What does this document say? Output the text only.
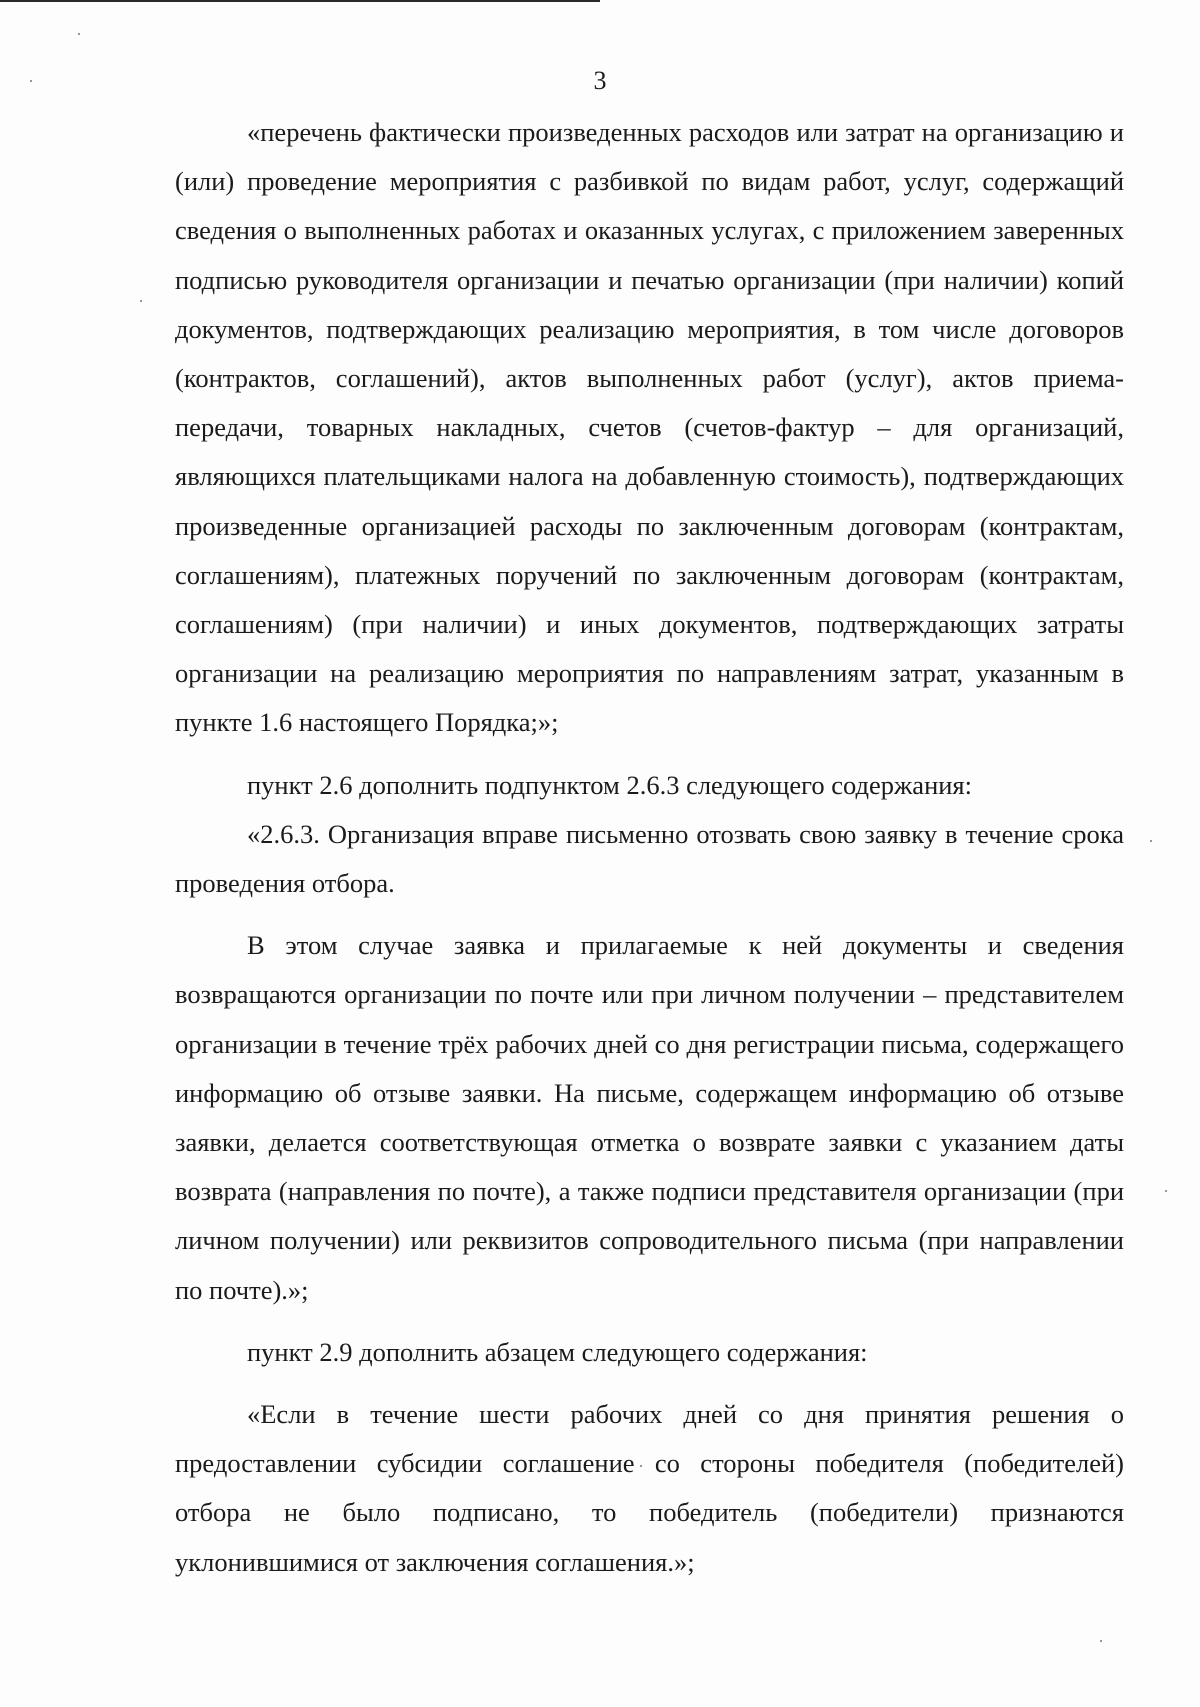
3

«перечень фактически произведенных расходов или затрат на организацию и (или) проведение мероприятия с разбивкой по видам работ, услуг, содержащий сведения о выполненных работах и оказанных услугах, с приложением заверенных подписью руководителя организации и печатью организации (при наличии) копий документов, подтверждающих реализацию мероприятия, в том числе договоров (контрактов, соглашений), актов выполненных работ (услуг), актов приема-передачи, товарных накладных, счетов (счетов-фактур – для организаций, являющихся плательщиками налога на добавленную стоимость), подтверждающих произведенные организацией расходы по заключенным договорам (контрактам, соглашениям), платежных поручений по заключенным договорам (контрактам, соглашениям) (при наличии) и иных документов, подтверждающих затраты организации на реализацию мероприятия по направлениям затрат, указанным в пункте 1.6 настоящего Порядка;»;

пункт 2.6 дополнить подпунктом 2.6.3 следующего содержания:

«2.6.3. Организация вправе письменно отозвать свою заявку в течение срока проведения отбора.

В этом случае заявка и прилагаемые к ней документы и сведения возвращаются организации по почте или при личном получении – представителем организации в течение трёх рабочих дней со дня регистрации письма, содержащего информацию об отзыве заявки. На письме, содержащем информацию об отзыве заявки, делается соответствующая отметка о возврате заявки с указанием даты возврата (направления по почте), а также подписи представителя организации (при личном получении) или реквизитов сопроводительного письма (при направлении по почте).»;

пункт 2.9 дополнить абзацем следующего содержания:

«Если в течение шести рабочих дней со дня принятия решения о предоставлении субсидии соглашение со стороны победителя (победителей) отбора не было подписано, то победитель (победители) признаются уклонившимися от заключения соглашения.»;
